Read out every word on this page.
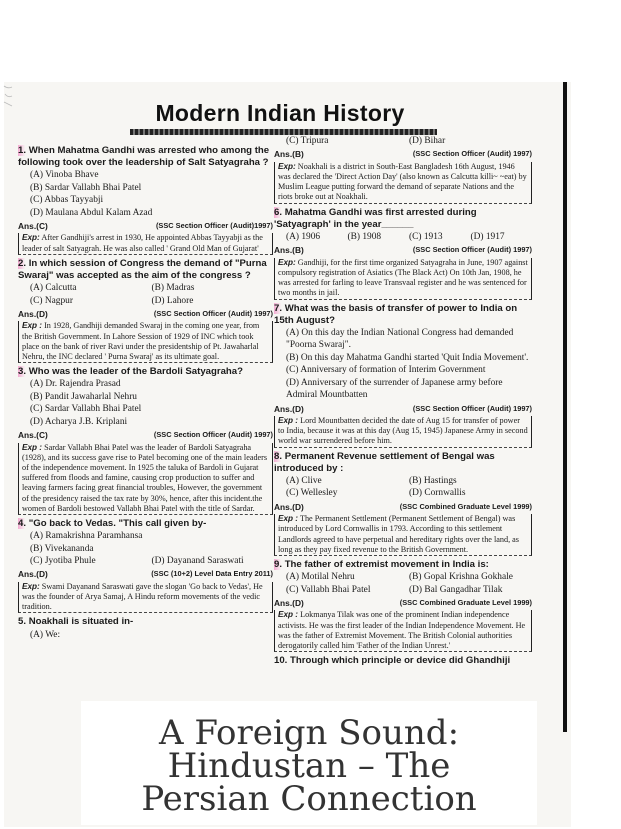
Modern Indian History
1. When Mahatma Gandhi was arrested who among the following took over the leadership of Salt Satyagraha ?
(A) Vinoba Bhave
(B) Sardar Vallabh Bhai Patel
(C) Abbas Tayyabji
(D) Maulana Abdul Kalam Azad
Ans.(C)	(SSC Section Officer (Audit)1997)
Exp: After Gandhiji's arrest in 1930, He appointed Abbas Tayyabji as the leader of salt Satyagrah. He was also called ' Grand Old Man of Gujarat'
2. In which session of Congress the demand of "Purna Swaraj" was accepted as the aim of the congress ?
(A) Calcutta	(B) Madras
(C) Nagpur	(D) Lahore
Ans.(D)	(SSC Section Officer (Audit) 1997)
Exp : In 1928, Gandhiji demanded Swaraj in the coming one year, from the British Government. In Lahore Session of 1929 of INC which took place on the bank of river Ravi under the presidentship of Pt. Jawaharlal Nehru, the INC declared ' Purna Swaraj' as its ultimate goal.
3. Who was the leader of the Bardoli Satyagraha?
(A) Dr. Rajendra Prasad
(B) Pandit Jawaharlal Nehru
(C) Sardar Vallabh Bhai Patel
(D) Acharya J.B. Kriplani
Ans.(C)	(SSC Section Officer (Audit) 1997)
Exp : Sardar Vallabh Bhai Patel was the leader of Bardoli Satyagraha (1928), and its success gave rise to Patel becoming one of the main leaders of the independence movement. In 1925 the taluka of Bardoli in Gujarat suffered from floods and famine, causing crop production to suffer and leaving farmers facing great financial troubles, However, the government of the presidency raised the tax rate by 30%, hence, after this incident.the women of Bardoli bestowed Vallabh Bhai Patel with the title of Sardar.
4. "Go back to Vedas. "This call given by-
(A) Ramakrishna Paramhansa
(B) Vivekananda
(C) Jyotiba Phule	(D) Dayanand Saraswati
Ans.(D)	(SSC (10+2) Level Data Entry 2011)
Exp: Swami Dayanand Saraswati gave the slogan 'Go back to Vedas', He was the founder of Arya Samaj, A Hindu reform movements of the vedic tradition.
5. Noakhali is situated in-
(A) We:
(C) Tripura	(D) Bihar
Ans.(B)	(SSC Section Officer (Audit) 1997)
Exp: Noakhali is a district in South-East Bangladesh 16th August, 1946 was declared the 'Direct Action Day' (also known as Calcutta killi~ ~eat) by Muslim League putting forward the demand of separate Nations and the riots broke out at Noakhali.
6. Mahatma Gandhi was first arrested during 'Satyagraph' in the year______
(A) 1906	(B) 1908	(C) 1913	(D) 1917
Ans.(B)	(SSC Section Officer (Audit) 1997)
Exp: Gandhiji, for the first time organized Satyagraha in June, 1907 against compulsory registration of Asiatics (The Black Act) On 10th Jan, 1908, he was arrested for farling to leave Transvaal register and he was sentenced for two months in jail.
7. What was the basis of transfer of power to India on 15th August?
(A) On this day the Indian National Congress had demanded "Poorna Swaraj".
(B) On this day Mahatma Gandhi started 'Quit India Movement'.
(C) Anniversary of formation of Interim Government
(D) Anniversary of the surrender of Japanese army before Admiral Mountbatten
Ans.(D)	(SSC Section Officer (Audit) 1997)
Exp : Lord Mountbatten decided the date of Aug 15 for transfer of power to India, because it was at this day (Aug 15, 1945) Japanese Army in second world war surrendered before him.
8. Permanent Revenue settlement of Bengal was introduced by :
(A) Clive	(B) Hastings
(C) Wellesley	(D) Cornwallis
Ans.(D)	(SSC Combined Graduate Level 1999)
Exp : The Permanent Settlement (Permanent Settlement of Bengal) was introduced by Lord Cornwallis in 1793. According to this settlement Landlords agreed to have perpetual and hereditary rights over the land, as long as they pay fixed revenue to the British Government.
9. The father of extremist movement in India is:
(A) Motilal Nehru	(B) Gopal Krishna Gokhale
(C) Vallabh Bhai Patel	(D) Bal Gangadhar Tilak
Ans.(D)	(SSC Combined Graduate Level 1999)
Exp : Lokmanya Tilak was one of the prominent Indian independence activists. He was the first leader of the Indian Independence Movement. He was the father of Extremist Movement. The British Colonial authorities derogatorily called him 'Father of the Indian Unrest.'
10. Through which principle or device did Ghandhiji
A Foreign Sound:
Hindustan – The
Persian Connection
